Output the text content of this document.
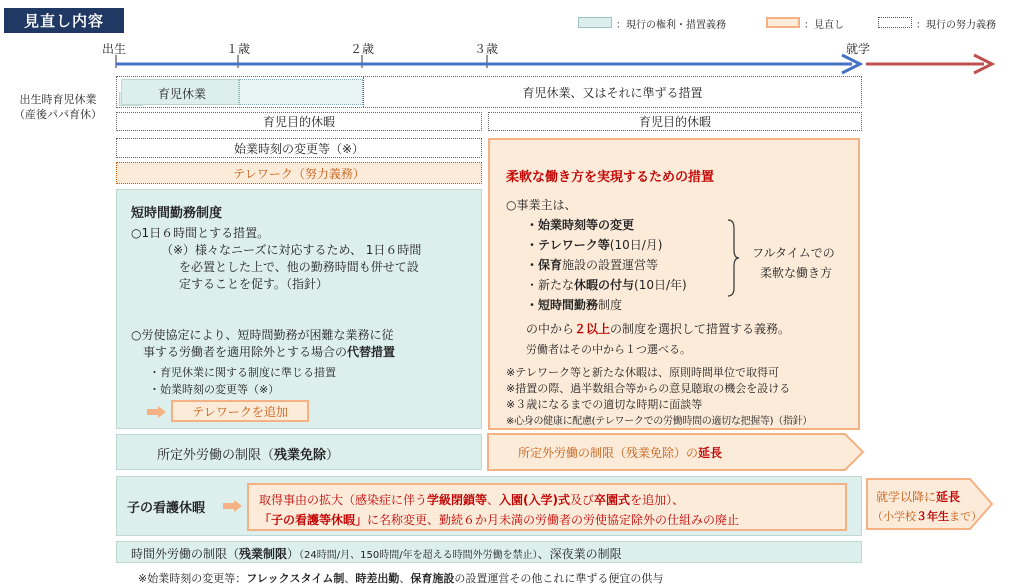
見直し内容	：現行の権利・措置義務	：見直し	：現行の努力義務
出生	１歳	２歳	３歳	就学
出生時育児休業
（産後パパ育休）
育児休業	育児休業、又はそれに準ずる措置
育児目的休暇	育児目的休暇
始業時刻の変更等（※）
テレワーク（努力義務）
短時間勤務制度
○1日６時間とする措置。
（※）様々なニーズに対応するため、 1日６時間
を必置とした上で、他の勤務時間も併せて設
定することを促す。（指針）
○労使協定により、短時間勤務が困難な業務に従
事する労働者を適用除外とする場合の代替措置
・育児休業に関する制度に準じる措置
・始業時刻の変更等（※）
テレワークを追加
柔軟な働き方を実現するための措置
○事業主は、
・始業時刻等の変更
・テレワーク等(10日/月)
・保育施設の設置運営等
・新たな休暇の付与(10日/年)
・短時間勤務制度
フルタイムでの
柔軟な働き方
の中から２以上の制度を選択して措置する義務。
労働者はその中から１つ選べる。
※テレワーク等と新たな休暇は、原則時間単位で取得可
※措置の際、過半数組合等からの意見聴取の機会を設ける
※３歳になるまでの適切な時期に面談等
※心身の健康に配慮(テレワークでの労働時間の適切な把握等)（指針）
所定外労働の制限（残業免除）	所定外労働の制限（残業免除）の延長
子の看護休暇
取得事由の拡大（感染症に伴う学級閉鎖等、入園(入学)式及び卒園式を追加）、
「子の看護等休暇」に名称変更、勤続６か月未満の労働者の労使協定除外の仕組みの廃止
就学以降に延長
（小学校３年生まで）
時間外労働の制限（残業制限）（24時間/月、150時間/年を超える時間外労働を禁止）、深夜業の制限
※始業時刻の変更等：フレックスタイム制、時差出勤、保育施設の設置運営その他これに準ずる便宜の供与
